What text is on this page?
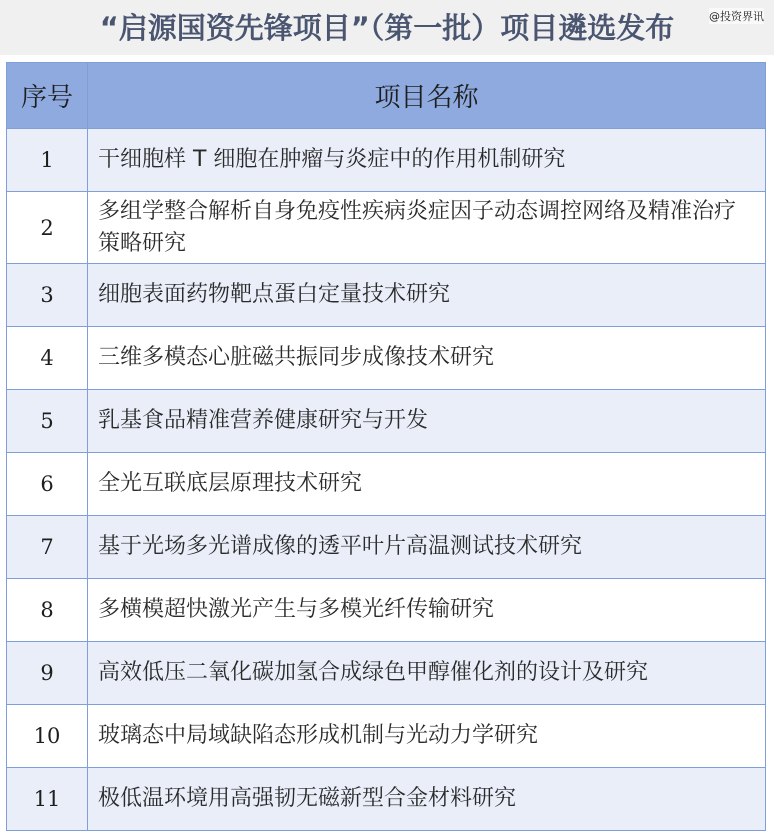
“启源国资先锋项目”（第一批）项目遴选发布	@投资界讯
序号	项目名称
1	干细胞样 T 细胞在肿瘤与炎症中的作用机制研究
2	多组学整合解析自身免疫性疾病炎症因子动态调控网络及精准治疗策略研究
3	细胞表面药物靶点蛋白定量技术研究
4	三维多模态心脏磁共振同步成像技术研究
5	乳基食品精准营养健康研究与开发
6	全光互联底层原理技术研究
7	基于光场多光谱成像的透平叶片高温测试技术研究
8	多横模超快激光产生与多模光纤传输研究
9	高效低压二氧化碳加氢合成绿色甲醇催化剂的设计及研究
10	玻璃态中局域缺陷态形成机制与光动力学研究
11	极低温环境用高强韧无磁新型合金材料研究
